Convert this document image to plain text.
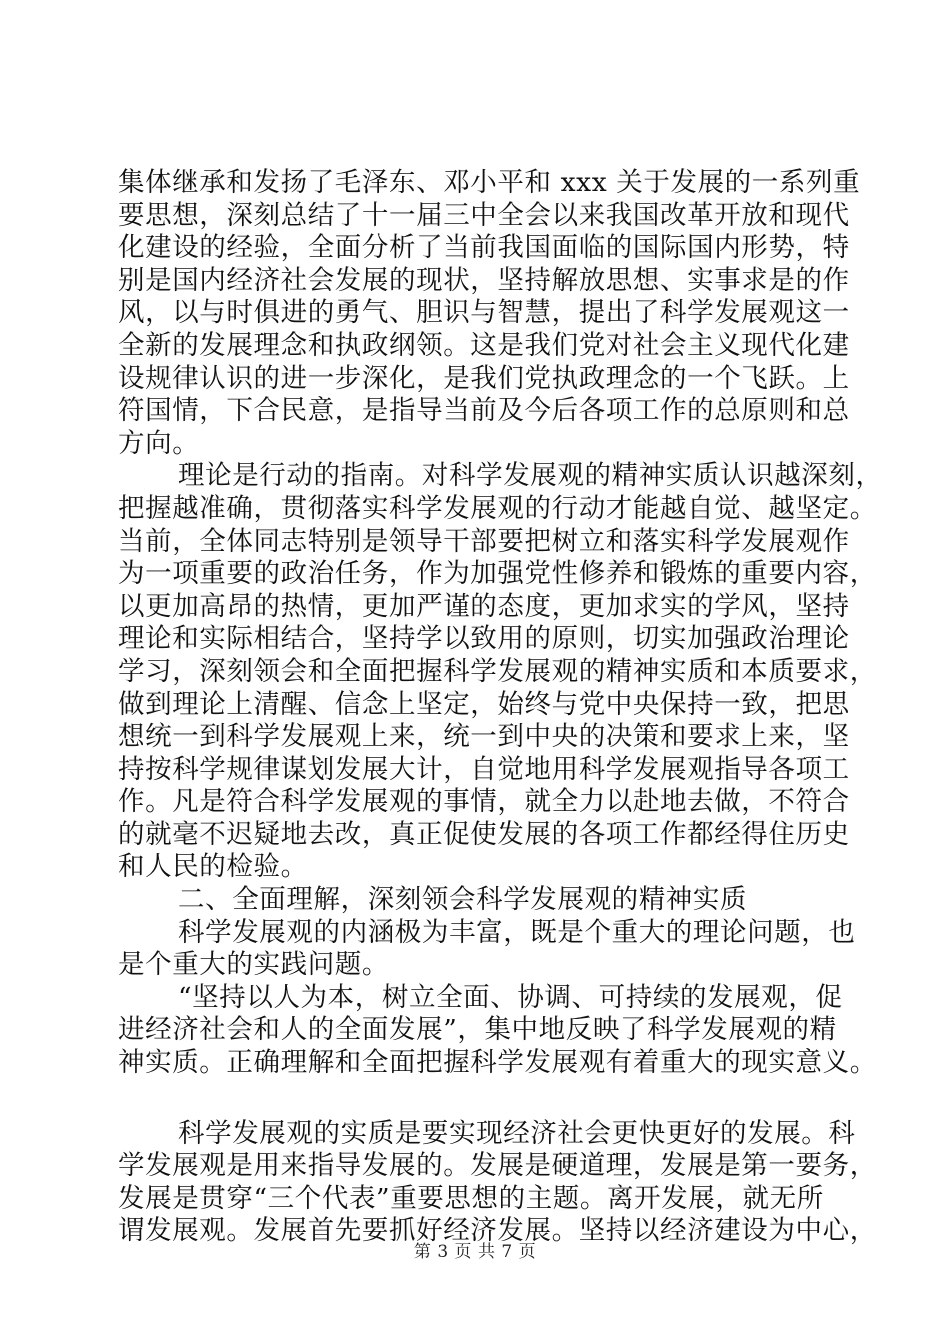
集体继承和发扬了毛泽东、邓小平和 xxx 关于发展的一系列重
要思想，深刻总结了十一届三中全会以来我国改革开放和现代
化建设的经验，全面分析了当前我国面临的国际国内形势，特
别是国内经济社会发展的现状，坚持解放思想、实事求是的作
风，以与时俱进的勇气、胆识与智慧，提出了科学发展观这一
全新的发展理念和执政纲领。这是我们党对社会主义现代化建
设规律认识的进一步深化，是我们党执政理念的一个飞跃。上
符国情，下合民意，是指导当前及今后各项工作的总原则和总
方向。
理论是行动的指南。对科学发展观的精神实质认识越深刻，
把握越准确，贯彻落实科学发展观的行动才能越自觉、越坚定。
当前，全体同志特别是领导干部要把树立和落实科学发展观作
为一项重要的政治任务，作为加强党性修养和锻炼的重要内容，
以更加高昂的热情，更加严谨的态度，更加求实的学风，坚持
理论和实际相结合，坚持学以致用的原则，切实加强政治理论
学习，深刻领会和全面把握科学发展观的精神实质和本质要求，
做到理论上清醒、信念上坚定，始终与党中央保持一致，把思
想统一到科学发展观上来，统一到中央的决策和要求上来，坚
持按科学规律谋划发展大计，自觉地用科学发展观指导各项工
作。凡是符合科学发展观的事情，就全力以赴地去做，不符合
的就毫不迟疑地去改，真正促使发展的各项工作都经得住历史
和人民的检验。
二、全面理解，深刻领会科学发展观的精神实质
科学发展观的内涵极为丰富，既是个重大的理论问题，也
是个重大的实践问题。
“坚持以人为本，树立全面、协调、可持续的发展观，促
进经济社会和人的全面发展”，集中地反映了科学发展观的精
神实质。正确理解和全面把握科学发展观有着重大的现实意义。
科学发展观的实质是要实现经济社会更快更好的发展。科
学发展观是用来指导发展的。发展是硬道理，发展是第一要务，
发展是贯穿“三个代表”重要思想的主题。离开发展，就无所
谓发展观。发展首先要抓好经济发展。坚持以经济建设为中心，
第 3 页 共 7 页
